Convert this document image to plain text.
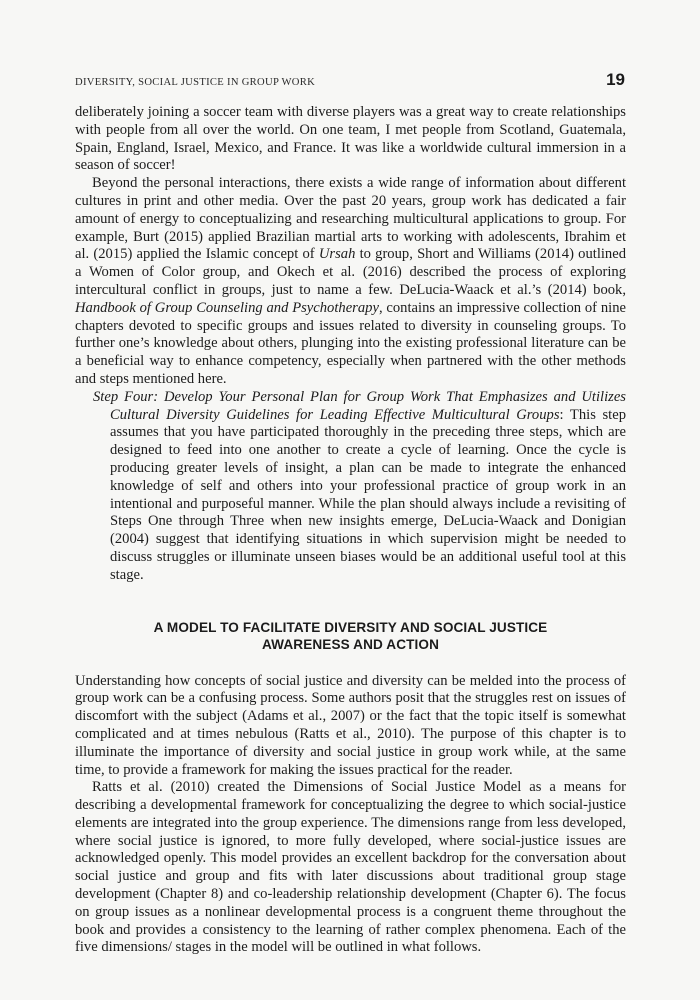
DIVERSITY, SOCIAL JUSTICE IN GROUP WORK	19

deliberately joining a soccer team with diverse players was a great way to create relationships with people from all over the world. On one team, I met people from Scotland, Guatemala, Spain, England, Israel, Mexico, and France. It was like a worldwide cultural immersion in a season of soccer!

Beyond the personal interactions, there exists a wide range of information about different cultures in print and other media. Over the past 20 years, group work has dedicated a fair amount of energy to conceptualizing and researching multicultural applications to group. For example, Burt (2015) applied Brazilian martial arts to working with adolescents, Ibrahim et al. (2015) applied the Islamic concept of Ursah to group, Short and Williams (2014) outlined a Women of Color group, and Okech et al. (2016) described the process of exploring intercultural conflict in groups, just to name a few. DeLucia-Waack et al.’s (2014) book, Handbook of Group Counseling and Psychotherapy, contains an impressive collection of nine chapters devoted to specific groups and issues related to diversity in counseling groups. To further one’s knowledge about others, plunging into the existing professional literature can be a beneficial way to enhance competency, especially when partnered with the other methods and steps mentioned here.

Step Four: Develop Your Personal Plan for Group Work That Emphasizes and Utilizes Cultural Diversity Guidelines for Leading Effective Multicultural Groups: This step assumes that you have participated thoroughly in the preceding three steps, which are designed to feed into one another to create a cycle of learning. Once the cycle is producing greater levels of insight, a plan can be made to integrate the enhanced knowledge of self and others into your professional practice of group work in an intentional and purposeful manner. While the plan should always include a revisiting of Steps One through Three when new insights emerge, DeLucia-Waack and Donigian (2004) suggest that identifying situations in which supervision might be needed to discuss struggles or illuminate unseen biases would be an additional useful tool at this stage.

A MODEL TO FACILITATE DIVERSITY AND SOCIAL JUSTICE
AWARENESS AND ACTION

Understanding how concepts of social justice and diversity can be melded into the process of group work can be a confusing process. Some authors posit that the struggles rest on issues of discomfort with the subject (Adams et al., 2007) or the fact that the topic itself is somewhat complicated and at times nebulous (Ratts et al., 2010). The purpose of this chapter is to illuminate the importance of diversity and social justice in group work while, at the same time, to provide a framework for making the issues practical for the reader.

Ratts et al. (2010) created the Dimensions of Social Justice Model as a means for describing a developmental framework for conceptualizing the degree to which social-justice elements are integrated into the group experience. The dimensions range from less developed, where social justice is ignored, to more fully developed, where social-justice issues are acknowledged openly. This model provides an excellent backdrop for the conversation about social justice and group and fits with later discussions about traditional group stage development (Chapter 8) and co-leadership relationship development (Chapter 6). The focus on group issues as a nonlinear developmental process is a congruent theme throughout the book and provides a consistency to the learning of rather complex phenomena. Each of the five dimensions/ stages in the model will be outlined in what follows.
